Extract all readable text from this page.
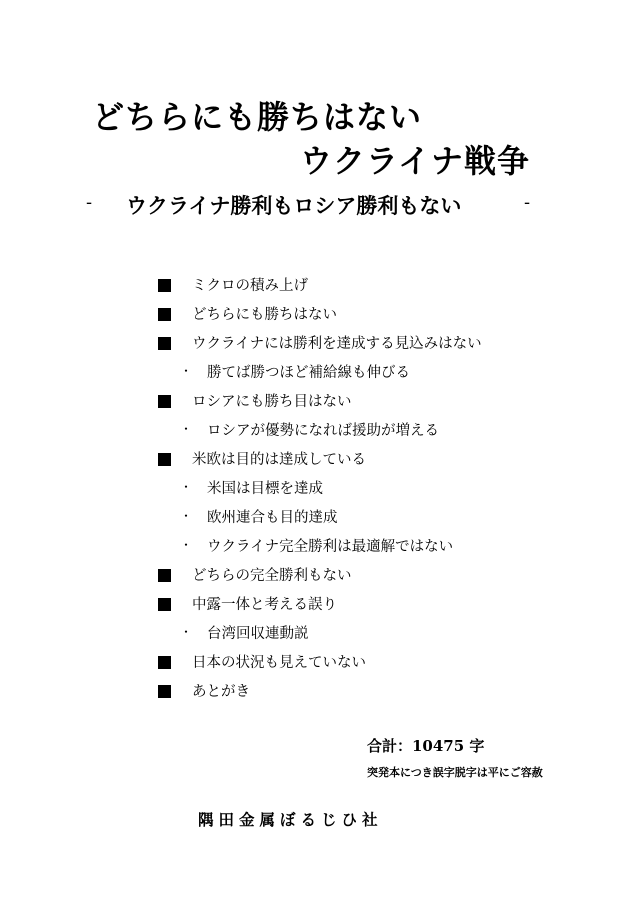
どちらにも勝ちはない
ウクライナ戦争
- ウクライナ勝利もロシア勝利もない	-
ミクロの積み上げ
どちらにも勝ちはない
ウクライナには勝利を達成する見込みはない
・ 勝てば勝つほど補給線も伸びる
ロシアにも勝ち目はない
・ ロシアが優勢になれば援助が増える
米欧は目的は達成している
・ 米国は目標を達成
・ 欧州連合も目的達成
・ ウクライナ完全勝利は最適解ではない
どちらの完全勝利もない
中露一体と考える誤り
・ 台湾回収連動説
日本の状況も見えていない
あとがき
合計：10475 字
突発本につき誤字脱字は平にご容赦
隅田金属ぼるじひ社
